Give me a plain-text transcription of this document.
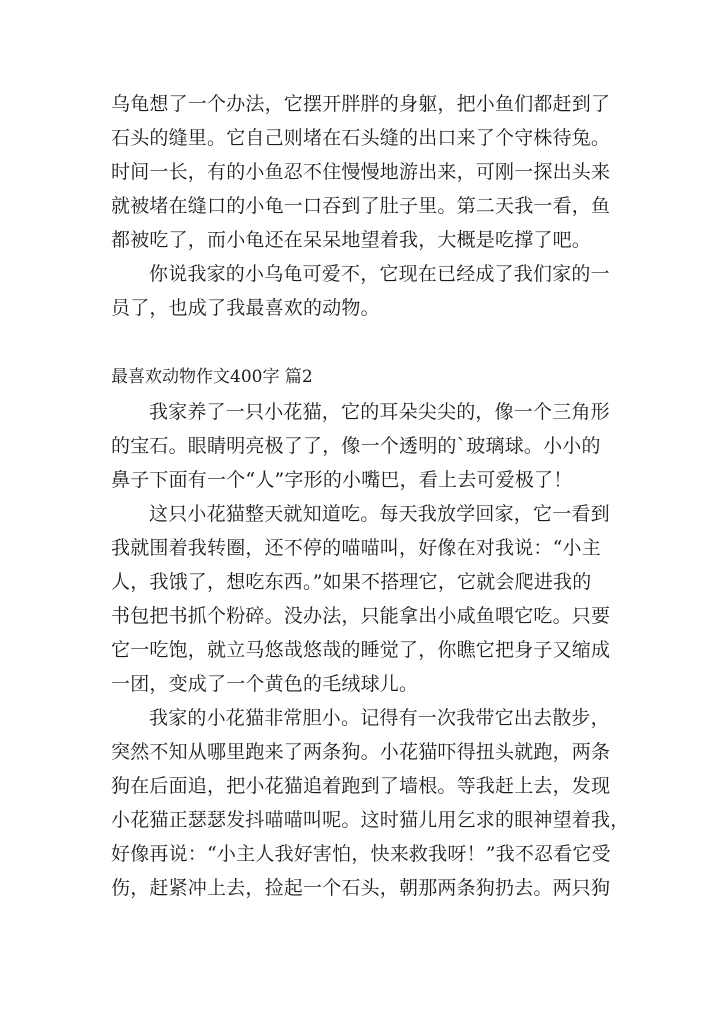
乌龟想了一个办法，它摆开胖胖的身躯，把小鱼们都赶到了
石头的缝里。它自己则堵在石头缝的出口来了个守株待兔。
时间一长，有的小鱼忍不住慢慢地游出来，可刚一探出头来
就被堵在缝口的小龟一口吞到了肚子里。第二天我一看，鱼
都被吃了，而小龟还在呆呆地望着我，大概是吃撑了吧。
你说我家的小乌龟可爱不，它现在已经成了我们家的一
员了，也成了我最喜欢的动物。
最喜欢动物作文400字 篇2
我家养了一只小花猫，它的耳朵尖尖的，像一个三角形
的宝石。眼睛明亮极了了，像一个透明的`玻璃球。小小的
鼻子下面有一个“人”字形的小嘴巴，看上去可爱极了！
这只小花猫整天就知道吃。每天我放学回家，它一看到
我就围着我转圈，还不停的喵喵叫，好像在对我说：“小主
人，我饿了，想吃东西。”如果不搭理它，它就会爬进我的
书包把书抓个粉碎。没办法，只能拿出小咸鱼喂它吃。只要
它一吃饱，就立马悠哉悠哉的睡觉了，你瞧它把身子又缩成
一团，变成了一个黄色的毛绒球儿。
我家的小花猫非常胆小。记得有一次我带它出去散步，
突然不知从哪里跑来了两条狗。小花猫吓得扭头就跑，两条
狗在后面追，把小花猫追着跑到了墙根。等我赶上去，发现
小花猫正瑟瑟发抖喵喵叫呢。这时猫儿用乞求的眼神望着我，
好像再说：“小主人我好害怕，快来救我呀！”我不忍看它受
伤，赶紧冲上去，捡起一个石头，朝那两条狗扔去。两只狗
